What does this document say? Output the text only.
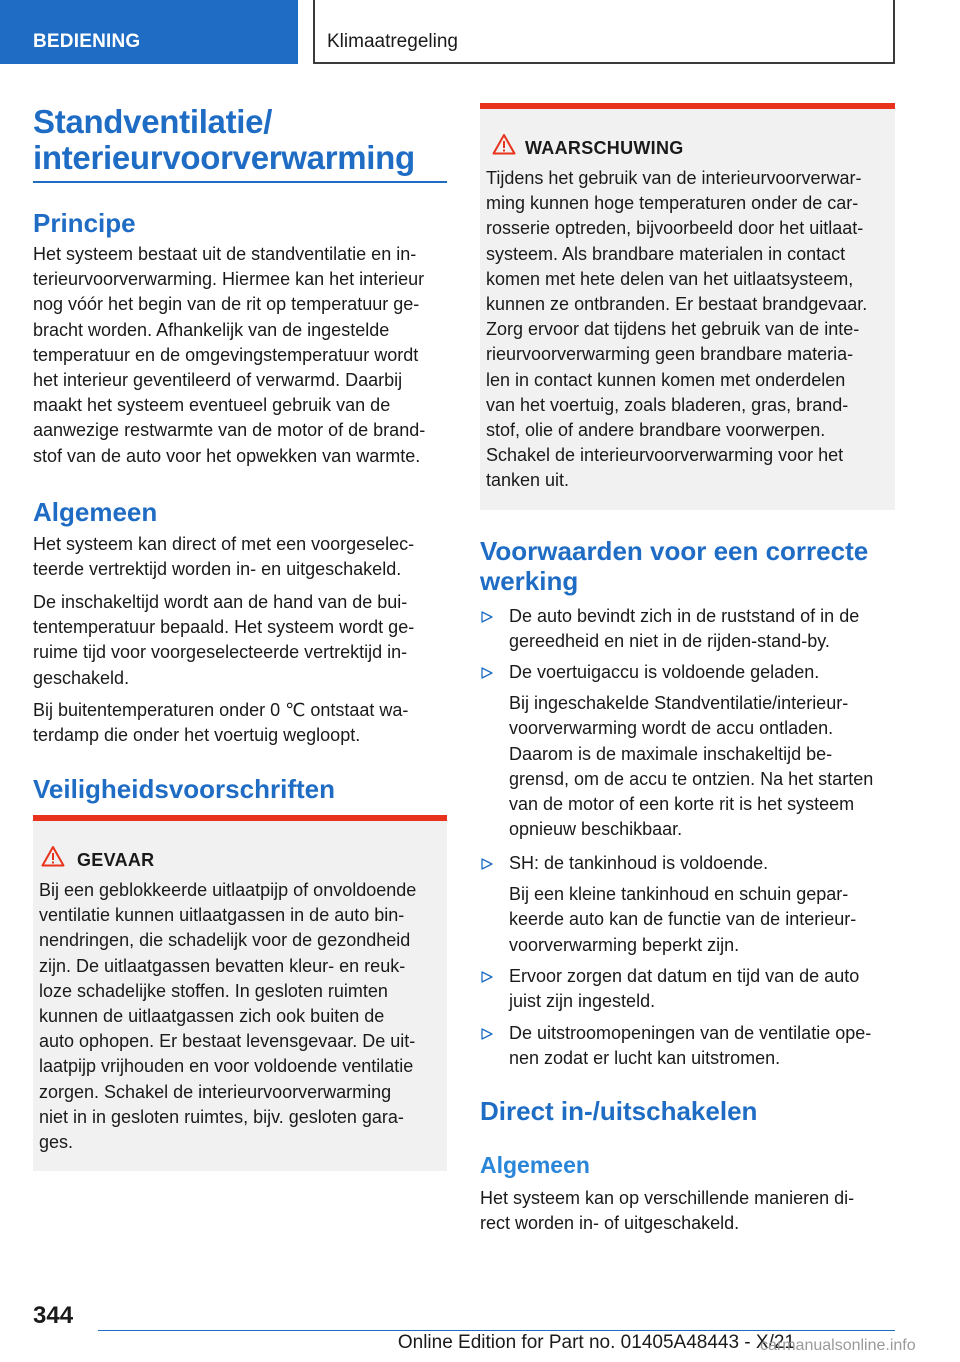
BEDIENING	Klimaatregeling
Standventilatie/
interieurvoorverwarming
Principe
Het systeem bestaat uit de standventilatie en in-
terieurvoorverwarming. Hiermee kan het interieur
nog vóór het begin van de rit op temperatuur ge-
bracht worden. Afhankelijk van de ingestelde
temperatuur en de omgevingstemperatuur wordt
het interieur geventileerd of verwarmd. Daarbij
maakt het systeem eventueel gebruik van de
aanwezige restwarmte van de motor of de brand-
stof van de auto voor het opwekken van warmte.
Algemeen
Het systeem kan direct of met een voorgeselec-
teerde vertrektijd worden in- en uitgeschakeld.
De inschakeltijd wordt aan de hand van de bui-
tentemperatuur bepaald. Het systeem wordt ge-
ruime tijd voor voorgeselecteerde vertrektijd in-
geschakeld.
Bij buitentemperaturen onder 0 ℃ ontstaat wa-
terdamp die onder het voertuig wegloopt.
Veiligheidsvoorschriften
GEVAAR
Bij een geblokkeerde uitlaatpijp of onvoldoende
ventilatie kunnen uitlaatgassen in de auto bin-
nendringen, die schadelijk voor de gezondheid
zijn. De uitlaatgassen bevatten kleur- en reuk-
loze schadelijke stoffen. In gesloten ruimten
kunnen de uitlaatgassen zich ook buiten de
auto ophopen. Er bestaat levensgevaar. De uit-
laatpijp vrijhouden en voor voldoende ventilatie
zorgen. Schakel de interieurvoorverwarming
niet in in gesloten ruimtes, bijv. gesloten gara-
ges.
WAARSCHUWING
Tijdens het gebruik van de interieurvoorverwar-
ming kunnen hoge temperaturen onder de car-
rosserie optreden, bijvoorbeeld door het uitlaat-
systeem. Als brandbare materialen in contact
komen met hete delen van het uitlaatsysteem,
kunnen ze ontbranden. Er bestaat brandgevaar.
Zorg ervoor dat tijdens het gebruik van de inte-
rieurvoorverwarming geen brandbare materia-
len in contact kunnen komen met onderdelen
van het voertuig, zoals bladeren, gras, brand-
stof, olie of andere brandbare voorwerpen.
Schakel de interieurvoorverwarming voor het
tanken uit.
Voorwaarden voor een correcte
werking
De auto bevindt zich in de ruststand of in de
gereedheid en niet in de rijden-stand-by.
De voertuigaccu is voldoende geladen.
Bij ingeschakelde Standventilatie/interieur-
voorverwarming wordt de accu ontladen.
Daarom is de maximale inschakeltijd be-
grensd, om de accu te ontzien. Na het starten
van de motor of een korte rit is het systeem
opnieuw beschikbaar.
SH: de tankinhoud is voldoende.
Bij een kleine tankinhoud en schuin gepar-
keerde auto kan de functie van de interieur-
voorverwarming beperkt zijn.
Ervoor zorgen dat datum en tijd van de auto
juist zijn ingesteld.
De uitstroomopeningen van de ventilatie ope-
nen zodat er lucht kan uitstromen.
Direct in-/uitschakelen
Algemeen
Het systeem kan op verschillende manieren di-
rect worden in- of uitgeschakeld.
344
Online Edition for Part no. 01405A48443 - X/21
carmanualsonline.info
